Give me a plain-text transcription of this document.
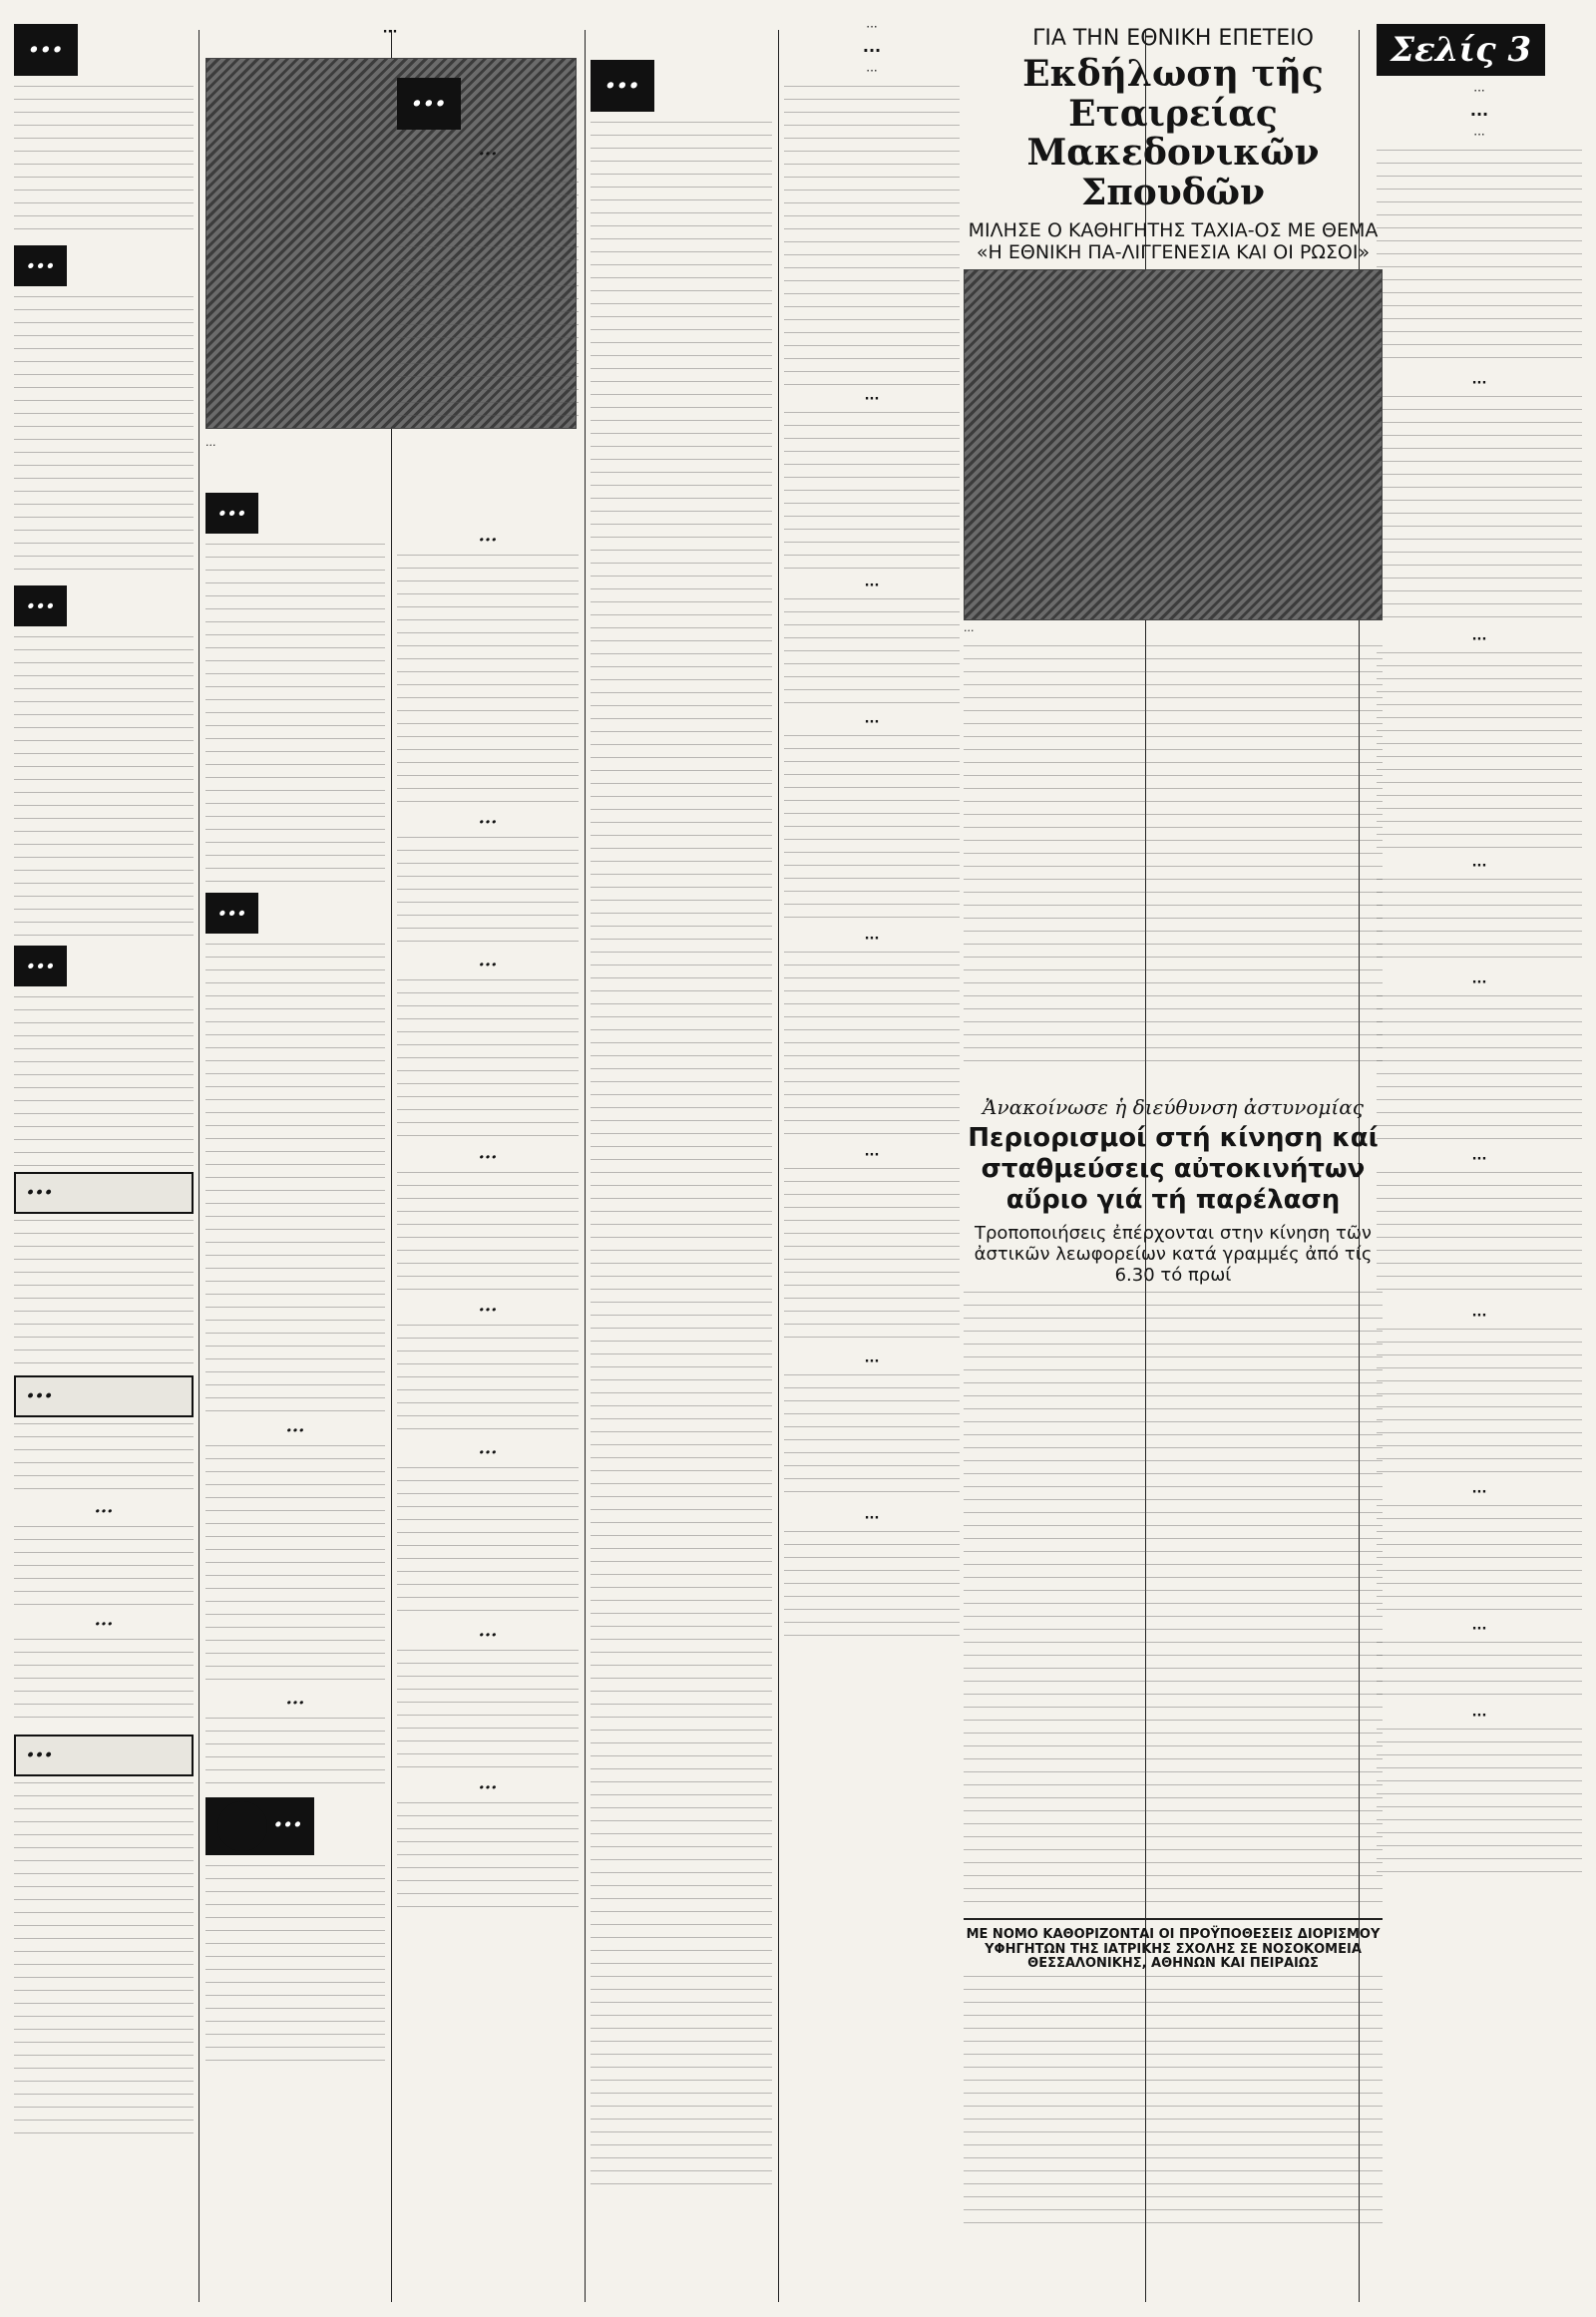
···
···
···
···
···
···
···
···
···
···
···
···
···
···
···
···
···
···
···
···
···
···
···
···
···
···
···
···
···
···
···
···
···
···
···
···
···
ΓΙΑ ΤΗΝ ΕΘΝΙΚΗ ΕΠΕΤΕΙΟ
Εκδήλωση τῆς Εταιρείας Μακεδονικῶν Σπουδῶν
ΜΙΛΗΣΕ Ο ΚΑΘΗΓΗΤΗΣ ΤΑΧΙΑ-ΟΣ ΜΕ ΘΕΜΑ «Η ΕΘΝΙΚΗ ΠΑ-ΛΙΓΓΕΝΕΣΙΑ ΚΑΙ ΟΙ ΡΩΣΟΙ»
···
Ἀνακοίνωσε ἡ διεύθυνση ἀστυνομίας
Περιορισμοί στή κίνηση καί σταθμεύσεις αὐτοκινήτων αὔριο γιά τή παρέλαση
Τροποποιήσεις ἐπέρχονται στην κίνηση τῶν ἀστικῶν λεωφορείων κατά γραμμές ἀπό τίς 6.30 τό πρωί
ΜΕ ΝΟΜΟ ΚΑΘΟΡΙΖΟΝΤΑΙ ΟΙ ΠΡΟΫΠΟΘΕΣΕΙΣ ΔΙΟΡΙΣΜΟΥ ΥΦΗΓΗΤΩΝ ΤΗΣ ΙΑΤΡΙΚΗΣ ΣΧΟΛΗΣ ΣΕ ΝΟΣΟΚΟΜΕΙΑ ΘΕΣΣΑΛΟΝΙΚΗΣ, ΑΘΗΝΩΝ ΚΑΙ ΠΕΙΡΑΙΩΣ
Σελίς 3
···
···
···
···
···
···
···
···
···
···
···
···
